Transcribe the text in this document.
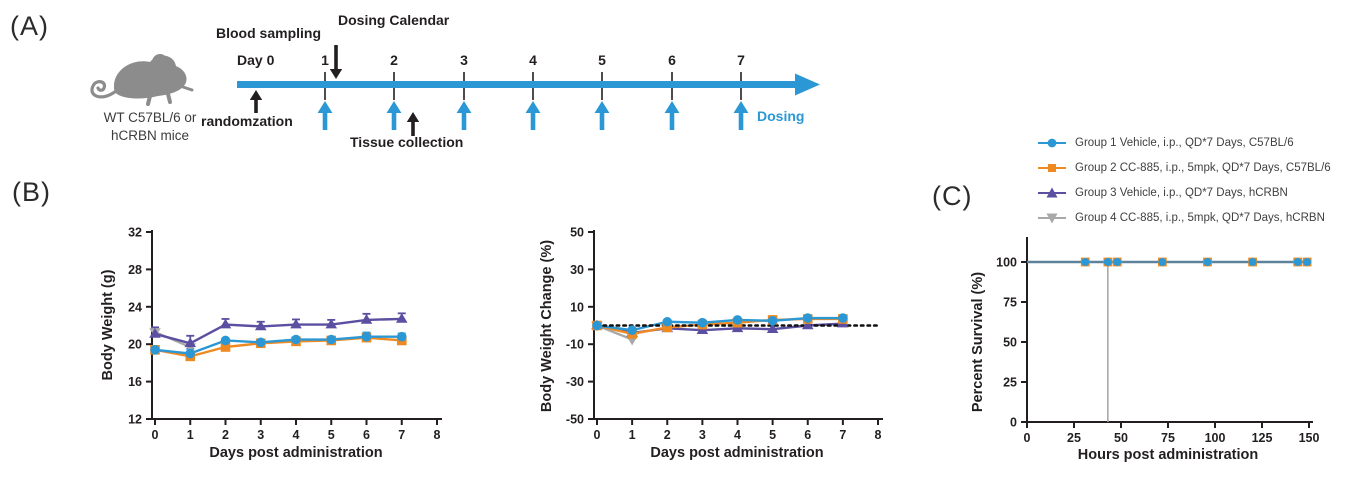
(A)
(B)	(C)
Dosing Calendar
Blood sampling
Day 0
randomzation
Tissue collection
Dosing
WT C57BL/6 or
hCRBN mice
1	2	3	4	5	6	7
Group 1 Vehicle, i.p., QD*7 Days, C57BL/6
Group 2 CC-885, i.p., 5mpk, QD*7 Days, C57BL/6
Group 3 Vehicle, i.p., QD*7 Days, hCRBN
Group 4 CC-885, i.p., 5mpk, QD*7 Days, hCRBN
Body Weight (g)
Days post administration
Body Weight Change (%)
Days post administration
Percent Survival (%)
Hours post administration
12
16
20
24
28
32
0 1 2 3 4 5 6 7 8
-50
-30
-10
10
30
50
0 1 2 3 4 5 6 7 8
0
25
50
75
100
0	25	50	75 100 125 150
